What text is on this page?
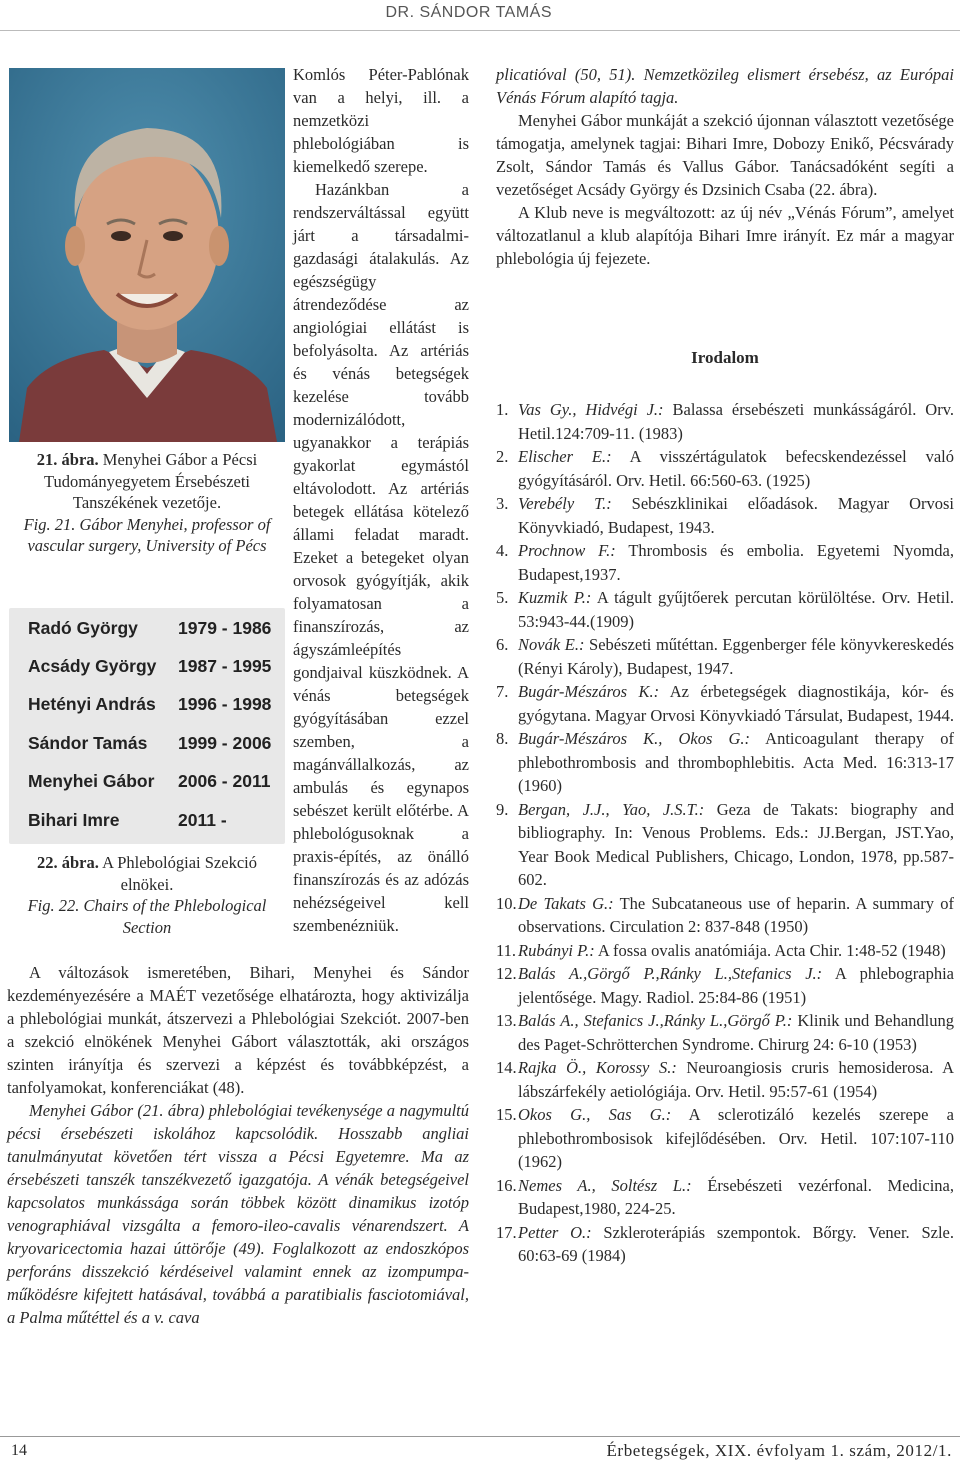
DR. SÁNDOR TAMÁS
21. ábra. Menyhei Gábor a Pécsi Tudományegyetem Érsebészeti Tanszékének vezetője.
Fig. 21. Gábor Menyhei, professor of vascular surgery, University of Pécs
Radó György 1979 - 1986
Acsády György 1987 - 1995
Hetényi András 1996 - 1998
Sándor Tamás 1999 - 2006
Menyhei Gábor 2006 - 2011
Bihari Imre	2011 -
22. ábra. A Phlebológiai Szekció elnökei.
Fig. 22. Chairs of the Phlebological Section

Komlós Péter-Pablónak van a helyi, ill. a nemzetközi phlebológiában is kiemelkedő szerepe.

Hazánkban a rendszerváltással együtt járt a társadalmi-gazdasági átalakulás. Az egészségügy átrendeződése az angiológiai ellátást is befolyásolta. Az artériás és vénás betegségek kezelése tovább modernizálódott, ugyanakkor a terápiás gyakorlat egymástól eltávolodott. Az artériás betegek ellátása kötelező állami feladat maradt. Ezeket a betegeket olyan orvosok gyógyítják, akik folyamatosan a finanszírozás, az ágyszámleépítés gondjaival küszködnek. A vénás betegségek gyógyításában ezzel szemben, a magánvállalkozás, az ambulás és egynapos sebészet került előtérbe. A phlebológusoknak a praxis-építés, az önálló finanszírozás és az adózás nehézségeivel kell szembenézniük.

A változások ismeretében, Bihari, Menyhei és Sándor kezdeményezésére a MAÉT vezetősége elhatározta, hogy aktivizálja a phlebológiai munkát, átszervezi a Phlebológiai Szekciót. 2007-ben a szekció elnökének Menyhei Gábort választották, aki országos szinten irányítja és szervezi a képzést és továbbképzést, a tanfolyamokat, konferenciákat (48).

Menyhei Gábor (21. ábra) phlebológiai tevékenysége a nagymultú pécsi érsebészeti iskolához kapcsolódik. Hosszabb angliai tanulmányutat követően tért vissza a Pécsi Egyetemre. Ma az érsebészeti tanszék tanszékvezető igazgatója. A vénák betegségeivel kapcsolatos munkássága során többek között dinamikus izotóp venographiával vizsgálta a femoro-ileo-cavalis vénarendszert. A kryovaricectomia hazai úttörője (49). Foglalkozott az endoszkópos perforáns disszekció kérdéseivel valamint ennek az izompumpa-működésre kifejtett hatásával, továbbá a paratibialis fasciotomiával, a Palma műtéttel és a v. cava

plicatióval (50, 51). Nemzetközileg elismert érsebész, az Európai Vénás Fórum alapító tagja.

Menyhei Gábor munkáját a szekció újonnan választott vezetősége támogatja, amelynek tagjai: Bihari Imre, Dobozy Enikő, Pécsvárady Zsolt, Sándor Tamás és Vallus Gábor. Tanácsadóként segíti a vezetőséget Acsády György és Dzsinich Csaba (22. ábra).

A Klub neve is megváltozott: az új név „Vénás Fórum”, amelyet változatlanul a klub alapítója Bihari Imre irányít. Ez már a magyar phlebológia új fejezete.

Irodalom
1. Vas Gy., Hidvégi J.: Balassa érsebészeti munkásságáról. Orv. Hetil.124:709-11. (1983)
2. Elischer E.: A visszértágulatok befecskendezéssel való gyógyításáról. Orv. Hetil. 66:560-63. (1925)
3. Verebély T.: Sebészklinikai előadások. Magyar Orvosi Könyvkiadó, Budapest, 1943.
4. Prochnow F.: Thrombosis és embolia. Egyetemi Nyomda, Budapest,1937.
5. Kuzmik P.: A tágult gyűjtőerek percutan körülöltése. Orv. Hetil. 53:943-44.(1909)
6. Novák E.: Sebészeti műtéttan. Eggenberger féle könyvkereskedés (Rényi Károly), Budapest, 1947.
7. Bugár-Mészáros K.: Az érbetegségek diagnostikája, kór- és gyógytana. Magyar Orvosi Könyvkiadó Társulat, Budapest, 1944.
8. Bugár-Mészáros K., Okos G.: Anticoagulant therapy of phlebothrombosis and thrombophlebitis. Acta Med. 16:313-17 (1960)
9. Bergan, J.J., Yao, J.S.T.: Geza de Takats: biography and bibliography. In: Venous Problems. Eds.: JJ.Bergan, JST.Yao, Year Book Medical Publishers, Chicago, London, 1978, pp.587-602.
10. De Takats G.: The Subcataneous use of heparin. A summary of observations. Circulation 2: 837-848 (1950)
11. Rubányi P.: A fossa ovalis anatómiája. Acta Chir. 1:48-52 (1948)
12. Balás A.,Görgő P.,Ránky L.,Stefanics J.: A phlebographia jelentősége. Magy. Radiol. 25:84-86 (1951)
13. Balás A., Stefanics J.,Ránky L.,Görgő P.: Klinik und Behandlung des Paget-Schrötterchen Syndrome. Chirurg 24: 6-10 (1953)
14. Rajka Ö., Korossy S.: Neuroangiosis cruris hemosiderosa. A lábszárfekély aetiológiája. Orv. Hetil. 95:57-61 (1954)
15. Okos G., Sas G.: A sclerotizáló kezelés szerepe a phlebothrombosisok kifejlődésében. Orv. Hetil. 107:107-110 (1962)
16. Nemes A., Soltész L.: Érsebészeti vezérfonal. Medicina, Budapest,1980, 224-25.
17. Petter O.: Szkleroterápiás szempontok. Bőrgy. Vener. Szle. 60:63-69 (1984)
14	Érbetegségek, XIX. évfolyam 1. szám, 2012/1.
